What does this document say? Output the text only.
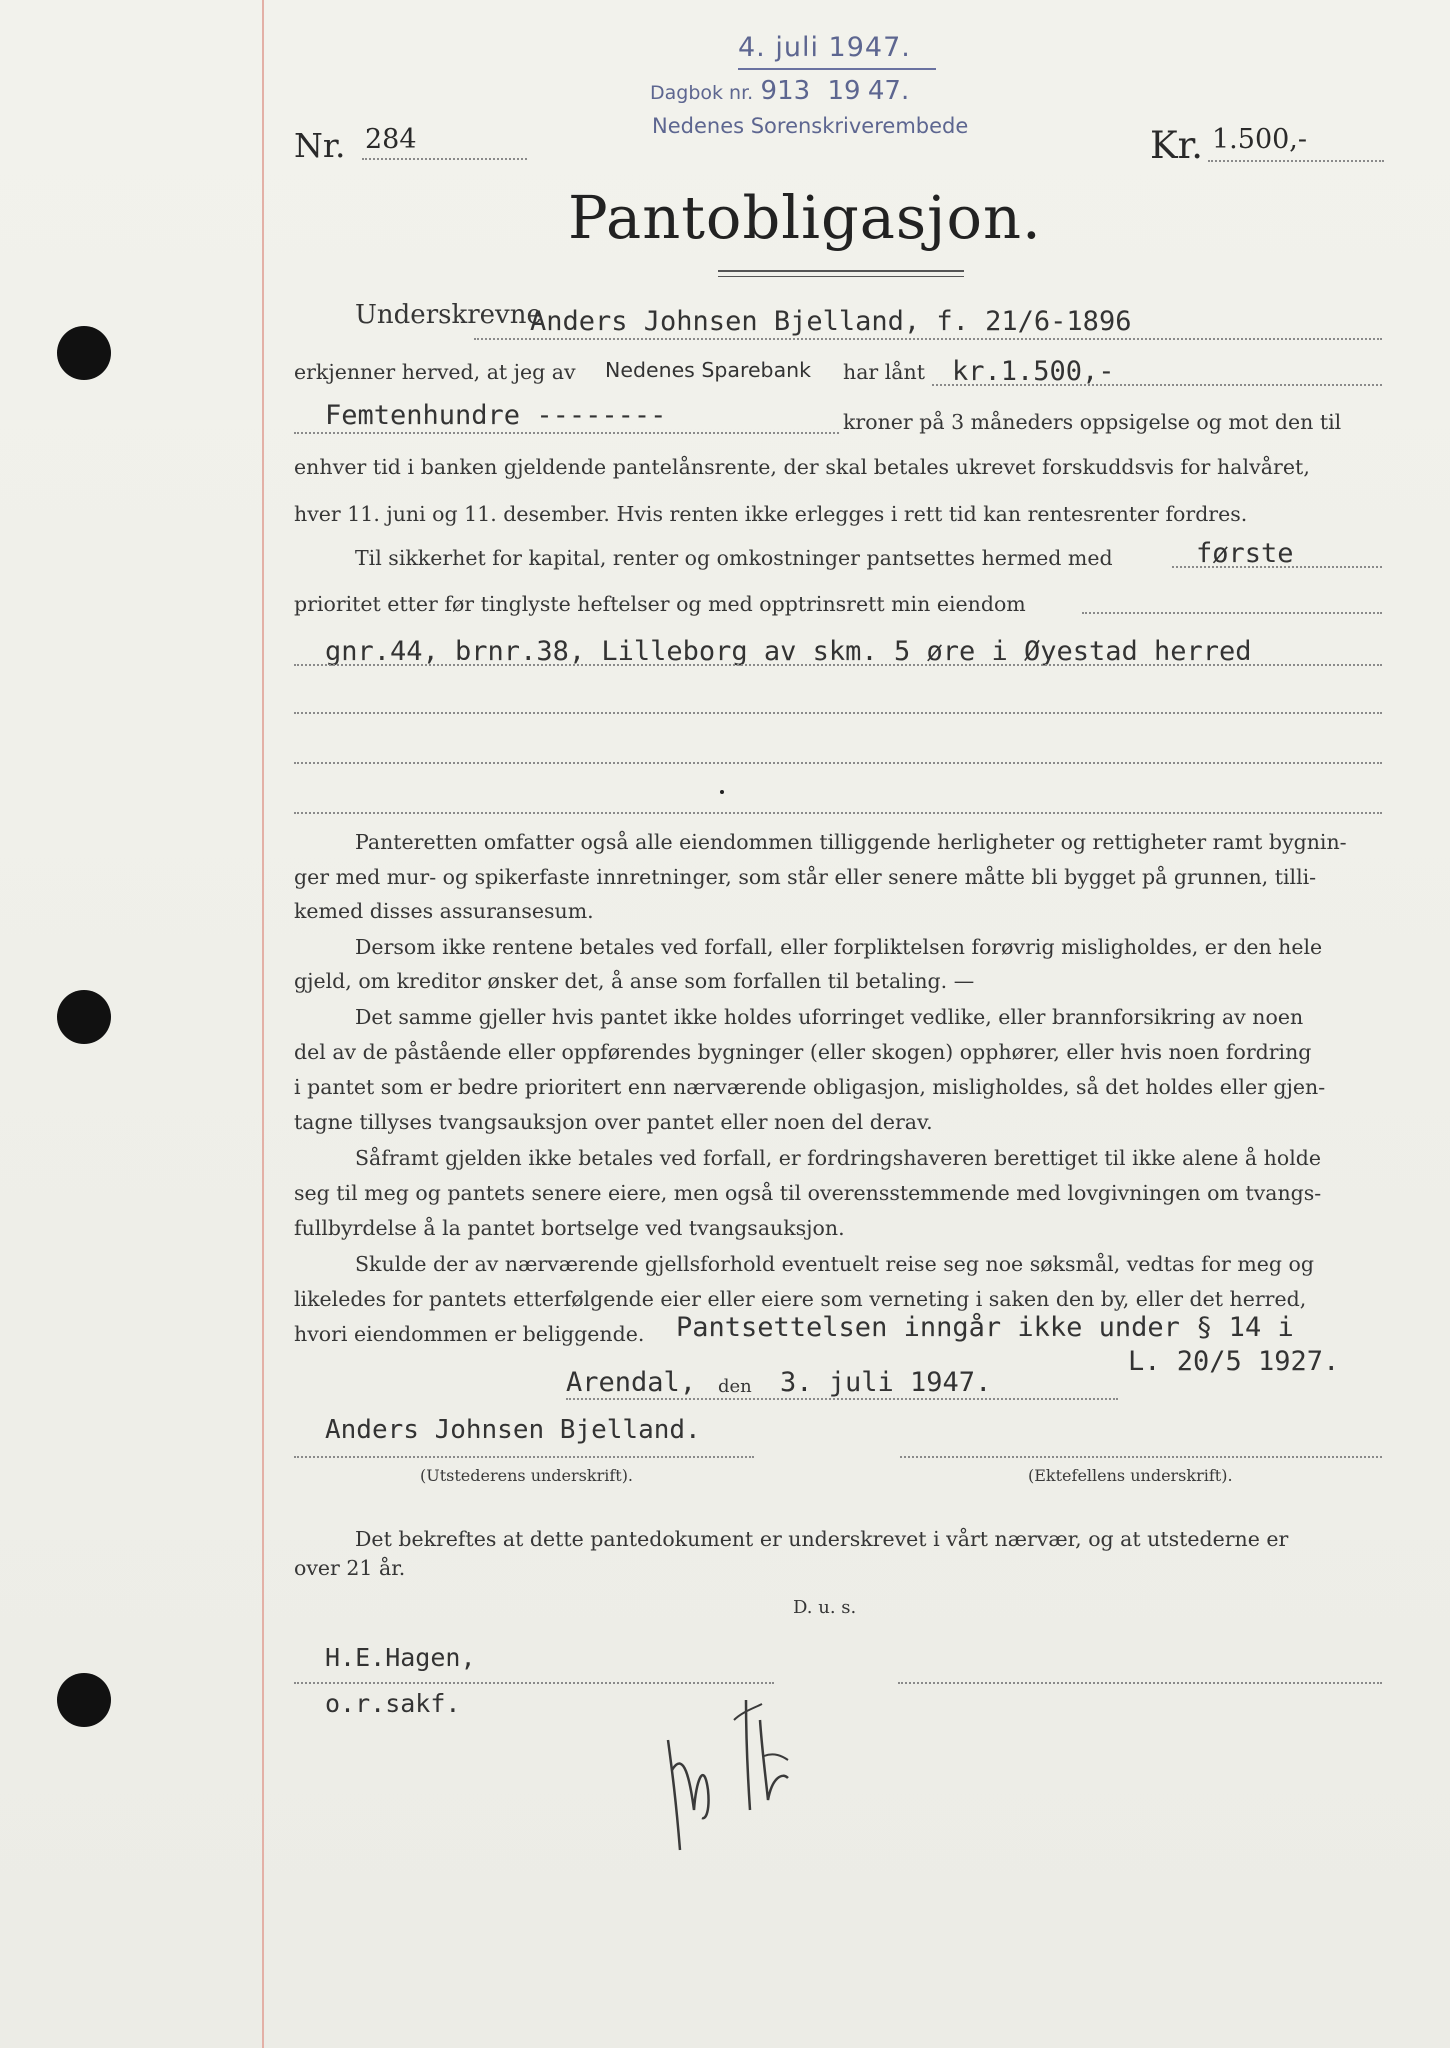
4. juli 1947.
Dagbok nr. 913 19 47.
Nedenes Sorenskriverembede
Nr. 284	Kr. 1.500,-
Pantobligasjon.
Underskrevne
Anders Johnsen Bjelland, f. 21/6-1896
erkjenner herved, at jeg av Nedenes Sparebank har lånt kr.1.500,-
Femtenhundre --------	kroner på 3 måneders oppsigelse og mot den til
enhver tid i banken gjeldende pantelånsrente, der skal betales ukrevet forskuddsvis for halvåret,
hver 11. juni og 11. desember. Hvis renten ikke erlegges i rett tid kan rentesrenter fordres.
Til sikkerhet for kapital, renter og omkostninger pantsettes hermed med	første
prioritet etter før tinglyste heftelser og med opptrinsrett min eiendom
gnr.44, brnr.38, Lilleborg av skm. 5 øre i Øyestad herred
Panteretten omfatter også alle eiendommen tilliggende herligheter og rettigheter ramt bygnin-
ger med mur- og spikerfaste innretninger, som står eller senere måtte bli bygget på grunnen, tilli-
kemed disses assuransesum.
Dersom ikke rentene betales ved forfall, eller forpliktelsen forøvrig misligholdes, er den hele
gjeld, om kreditor ønsker det, å anse som forfallen til betaling. —
Det samme gjeller hvis pantet ikke holdes uforringet vedlike, eller brannforsikring av noen
del av de påstående eller oppførendes bygninger (eller skogen) opphører, eller hvis noen fordring
i pantet som er bedre prioritert enn nærværende obligasjon, misligholdes, så det holdes eller gjen-
tagne tillyses tvangsauksjon over pantet eller noen del derav.
Såframt gjelden ikke betales ved forfall, er fordringshaveren berettiget til ikke alene å holde
seg til meg og pantets senere eiere, men også til overensstemmende med lovgivningen om tvangs-
fullbyrdelse å la pantet bortselge ved tvangsauksjon.
Skulde der av nærværende gjellsforhold eventuelt reise seg noe søksmål, vedtas for meg og
likeledes for pantets etterfølgende eier eller eiere som verneting i saken den by, eller det herred,
hvori eiendommen er beliggende. Pantsettelsen inngår ikke under § 14 i
L. 20/5 1927.
Arendal, den 3. juli 1947.
Anders Johnsen Bjelland.
(Utstederens underskrift).	(Ektefellens underskrift).
Det bekreftes at dette pantedokument er underskrevet i vårt nærvær, og at utstederne er
over 21 år.
D. u. s.
H.E.Hagen,
o.r.sakf.
